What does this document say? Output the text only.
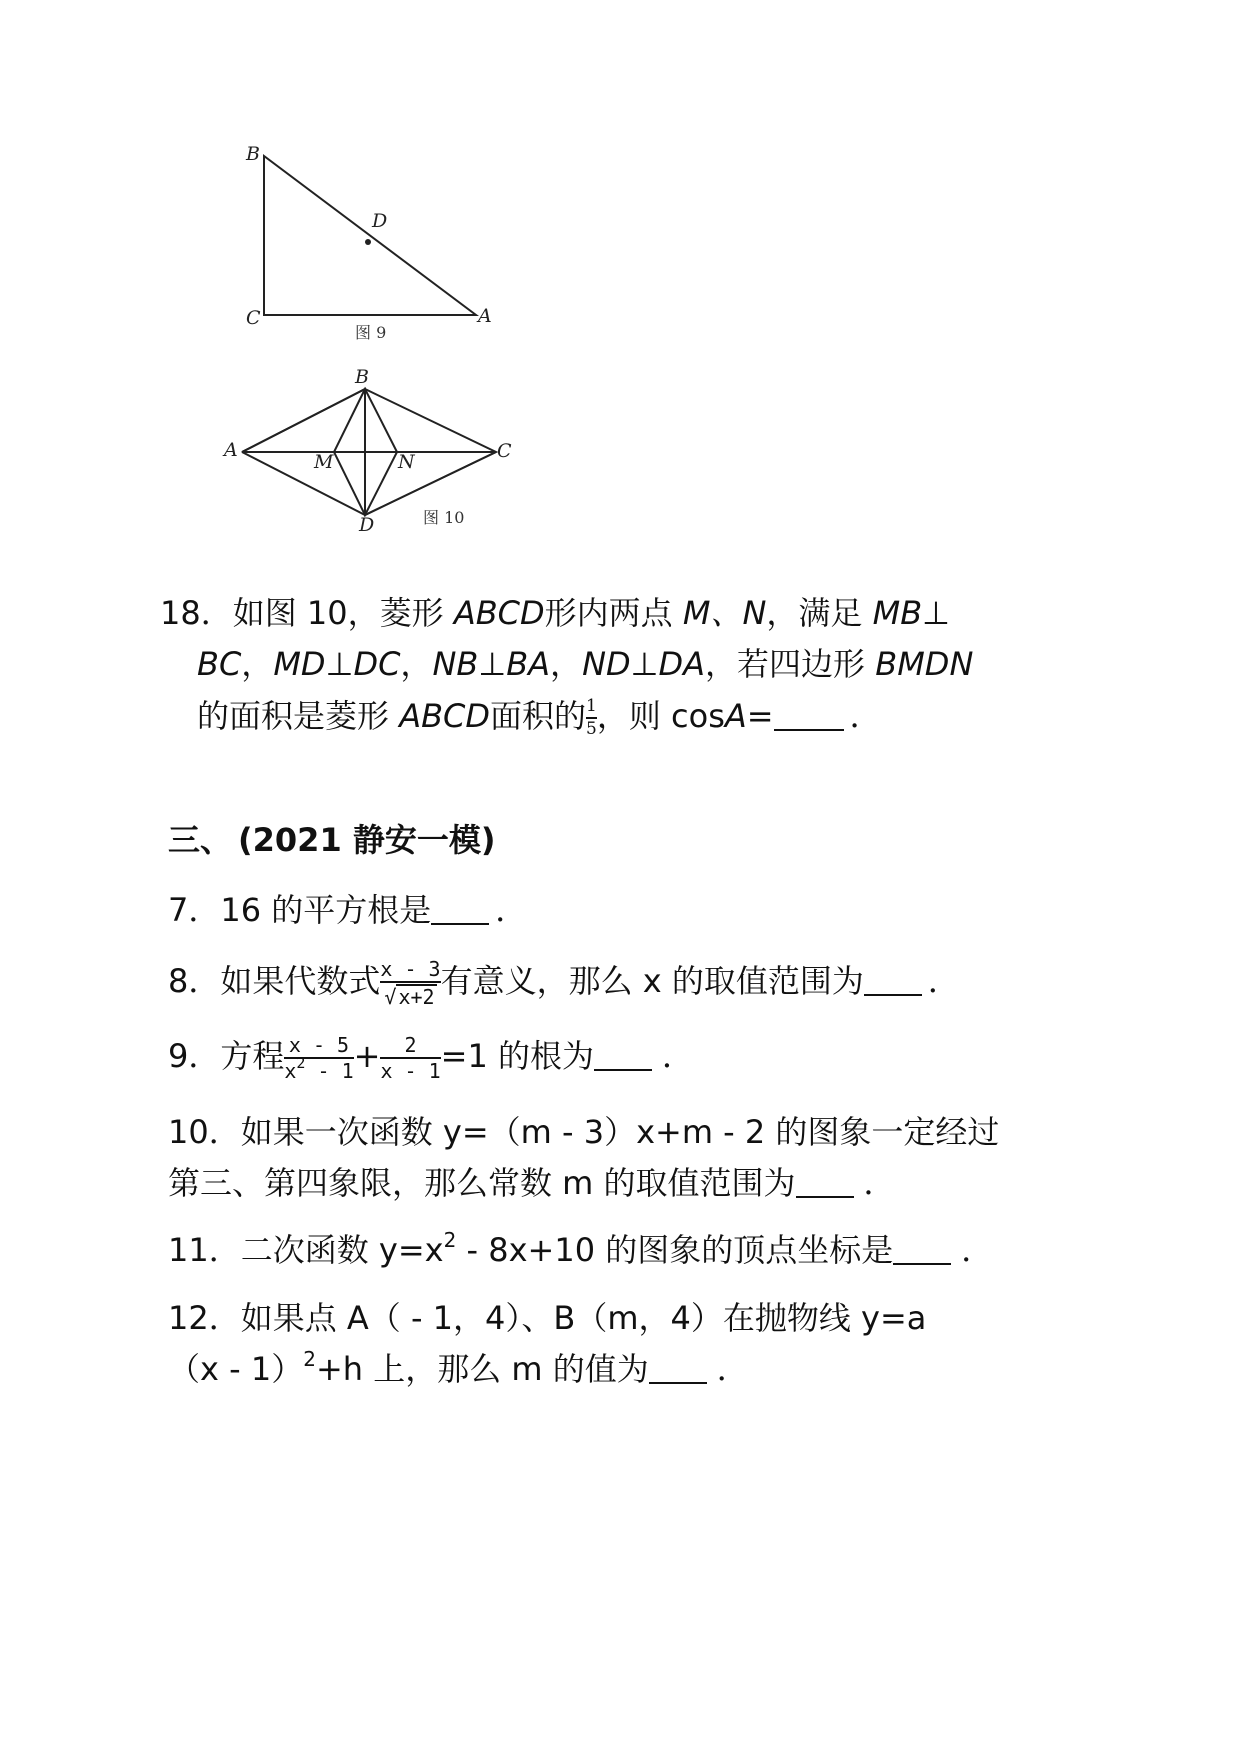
B
D
C	A
图 9
B
A
M	N	C
D	图 10
18．如图 10，菱形 ABCD形内两点 M、N，满足 MB⊥
BC，MD⊥DC，NB⊥BA，ND⊥DA，若四边形 BMDN
的面积是菱形 ABCD面积的 $\frac{1}{5}$ ，则 cosA= ．
三、 (2021 静安一模)
7．16 的平方根是 ．
8．如果代数式 $\frac{x - 3}{√ x+2}$ 有意义，那么 x 的取值范围为 ．
9．方程 $\frac{x - 5}{x^2 - 1} + \frac{2}{x - 1} =1$ 的根为 ．
10．如果一次函数 y=（m - 3）x+m - 2 的图象一定经过
第三、第四象限，那么常数 m 的取值范围为 ．
11．二次函数 $y=x^2 - 8x+10$ 的图象的顶点坐标是 ．
12．如果点 A（ - 1，4）、B（m，4）在抛物线 y=a
（x - 1）$^2$+h 上，那么 m 的值为 ．
